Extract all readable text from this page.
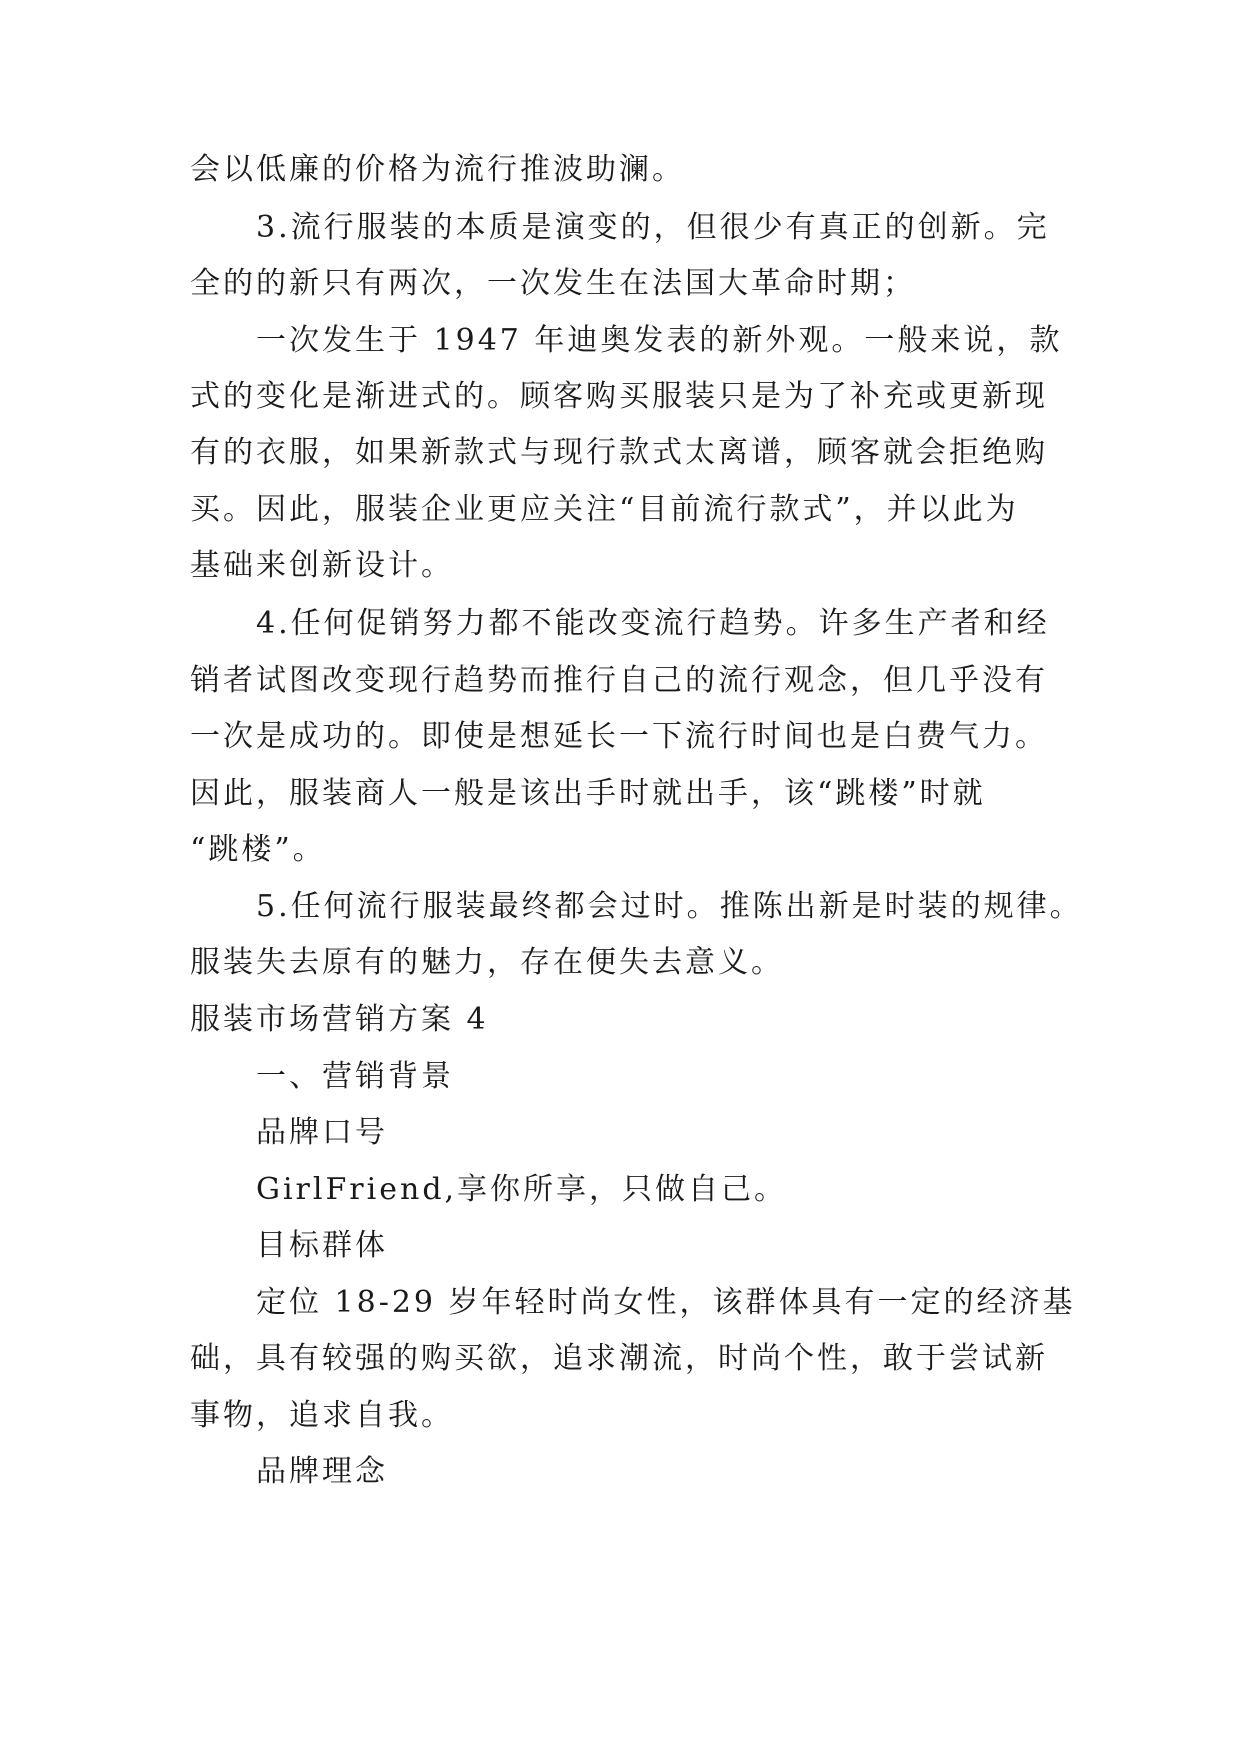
会以低廉的价格为流行推波助澜。
3.流行服装的本质是演变的，但很少有真正的创新。完
全的的新只有两次，一次发生在法国大革命时期；
一次发生于 1947 年迪奥发表的新外观。一般来说，款
式的变化是渐进式的。顾客购买服装只是为了补充或更新现
有的衣服，如果新款式与现行款式太离谱，顾客就会拒绝购
买。因此，服装企业更应关注“目前流行款式”，并以此为
基础来创新设计。
4.任何促销努力都不能改变流行趋势。许多生产者和经
销者试图改变现行趋势而推行自己的流行观念，但几乎没有
一次是成功的。即使是想延长一下流行时间也是白费气力。
因此，服装商人一般是该出手时就出手，该“跳楼”时就
“跳楼”。
5.任何流行服装最终都会过时。推陈出新是时装的规律。
服装失去原有的魅力，存在便失去意义。
服装市场营销方案 4
一、营销背景
品牌口号
GirlFriend,享你所享，只做自己。
目标群体
定位 18-29 岁年轻时尚女性，该群体具有一定的经济基
础，具有较强的购买欲，追求潮流，时尚个性，敢于尝试新
事物，追求自我。
品牌理念
